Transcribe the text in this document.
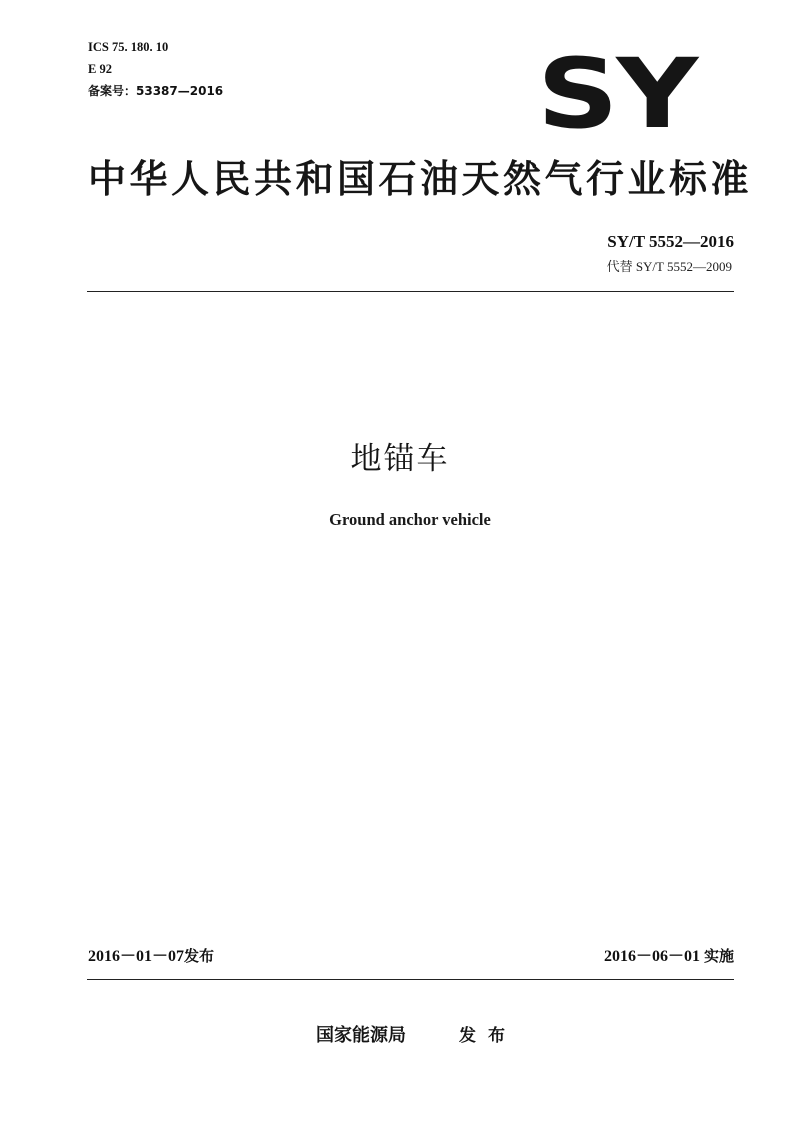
ICS 75. 180. 10
E 92
备案号：53387—2016	SY
中华人民共和国石油天然气行业标准
SY/T 5552—2016
代替 SY/T 5552—2009
地锚车
Ground anchor vehicle
2016－01－07发布	2016－06－01 实施
国家能源局	发布
